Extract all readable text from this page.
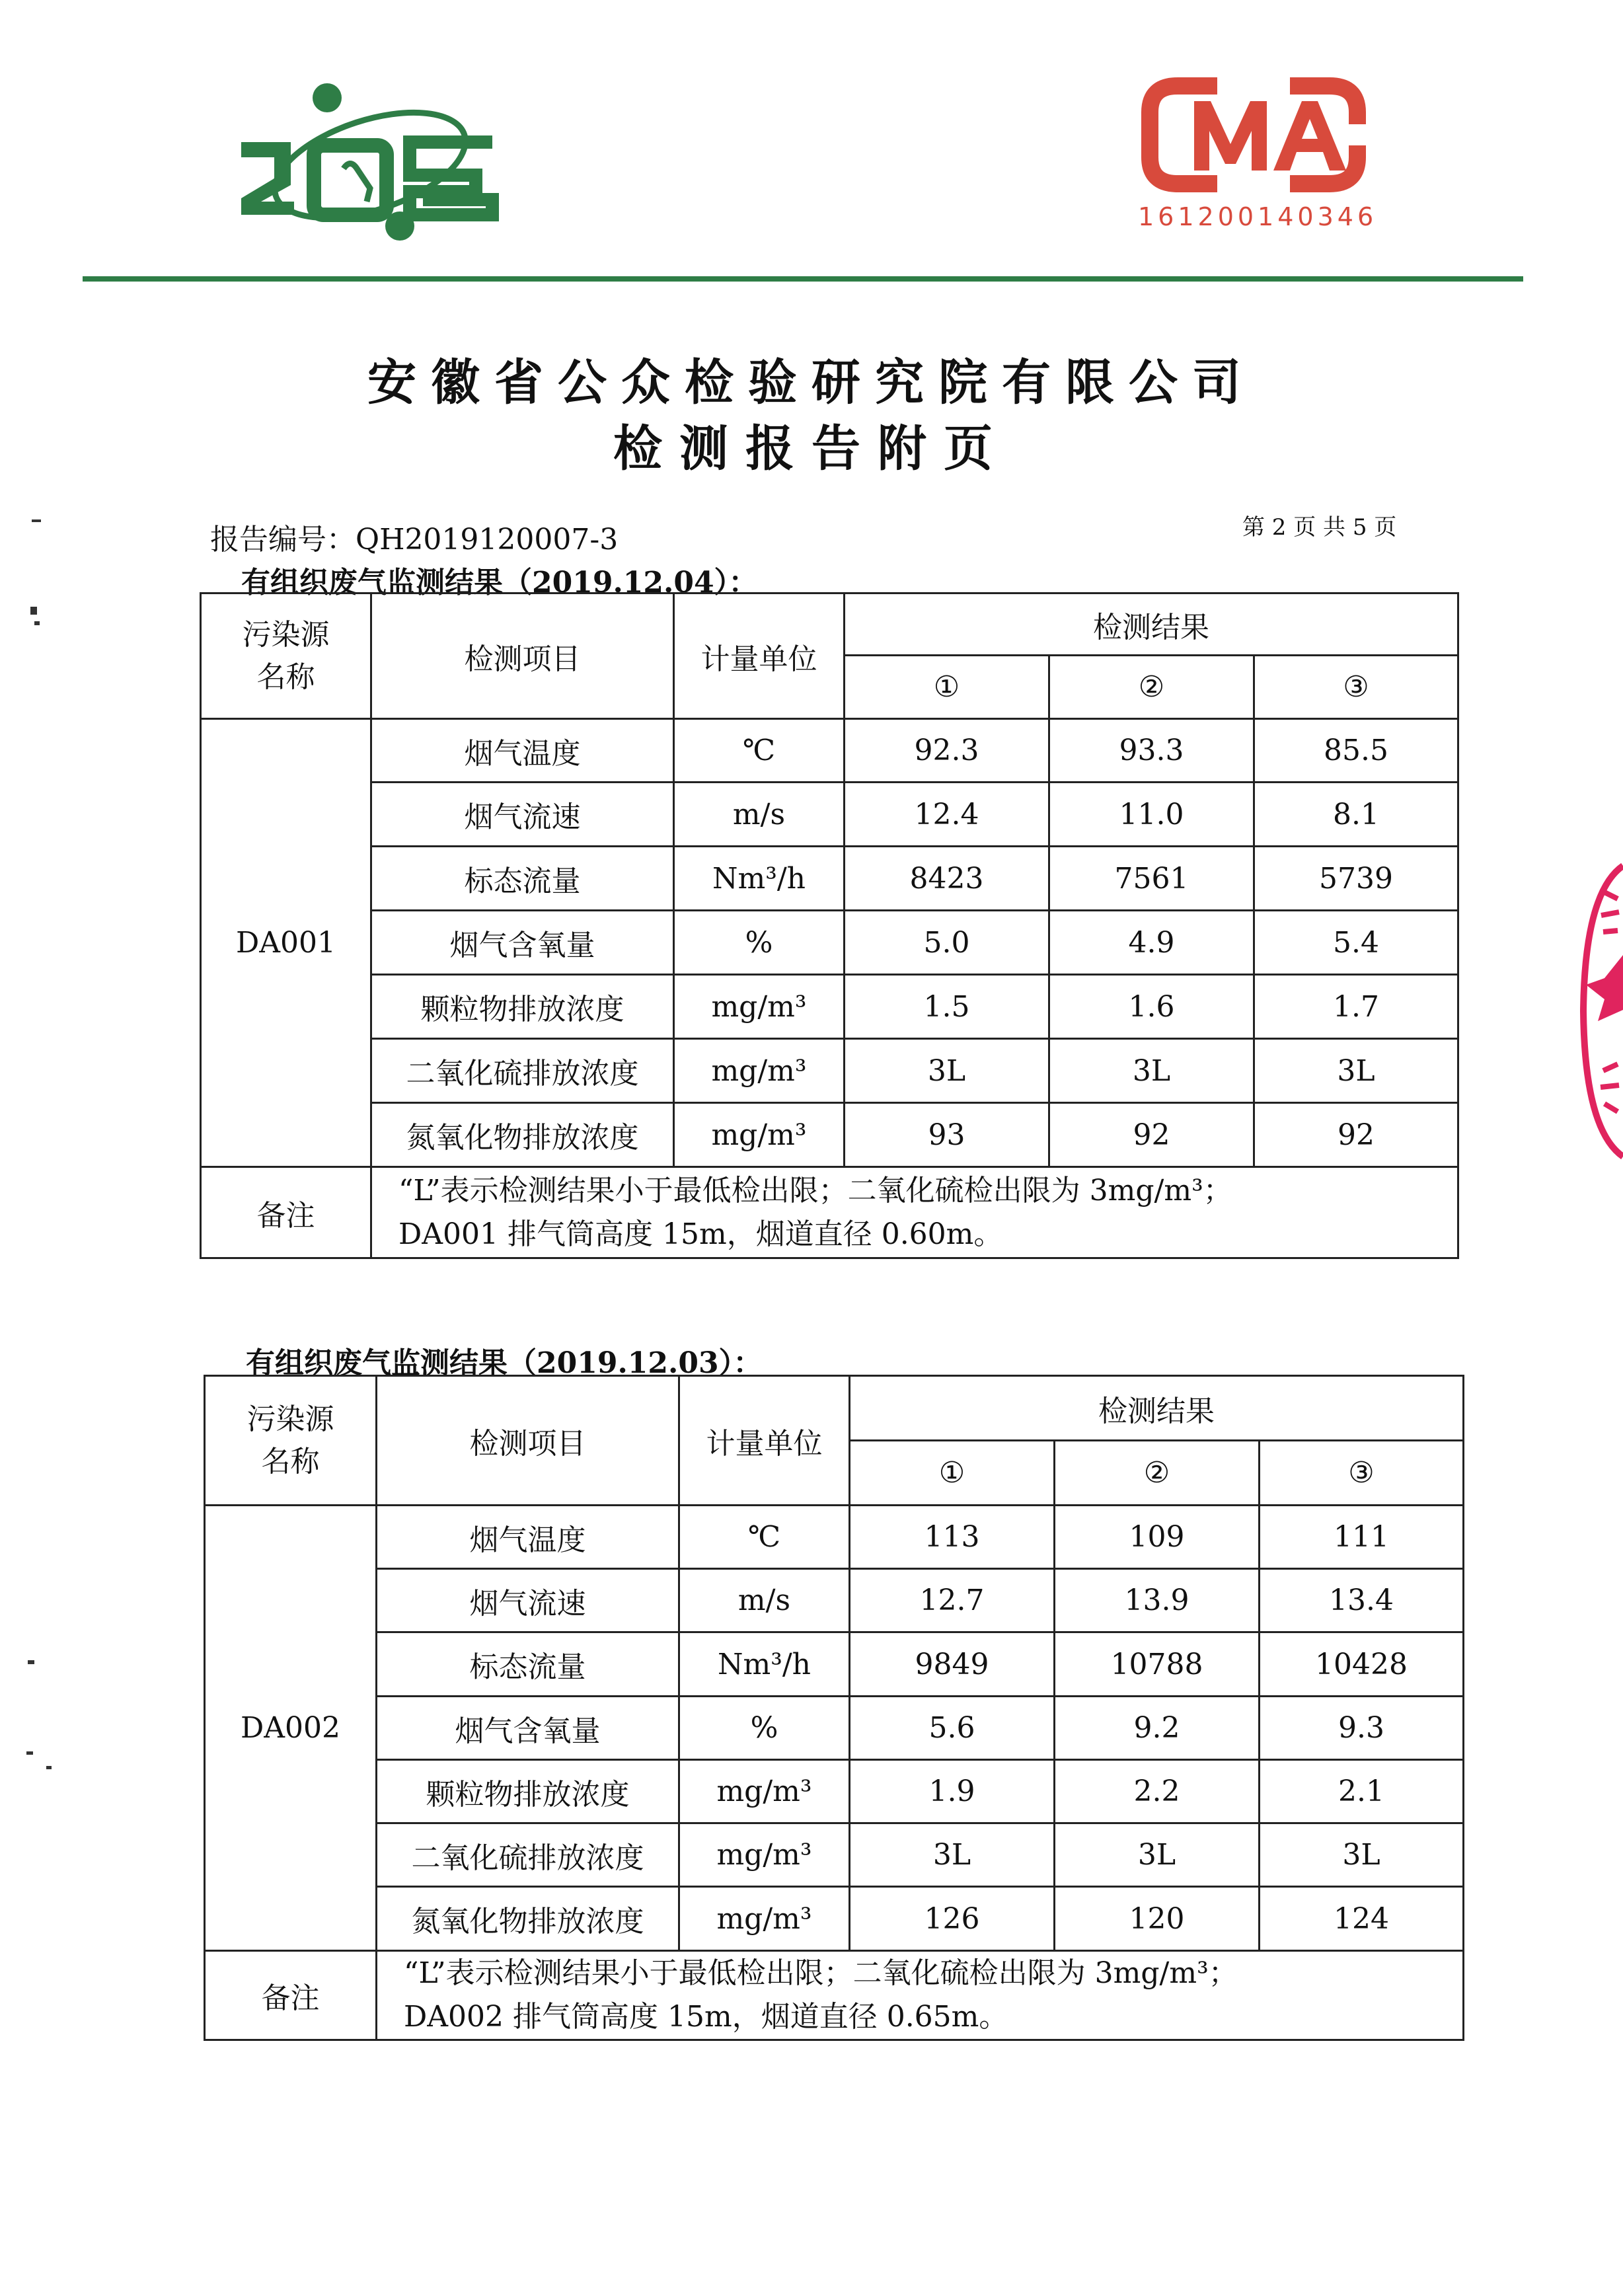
ZQS
CMA
161200140346
安徽省公众检验研究院有限公司
检测报告附页
报告编号：QH2019120007-3	第 2 页 共 5 页
有组织废气监测结果（2019.12.04）：
污染源
名称	检测项目	计量单位	检测结果		
			①	②	③
DA001	烟气温度	℃	92.3	93.3	85.5
	烟气流速	m/s	12.4	11.0	8.1
	标态流量	Nm³/h	8423	7561	5739
	烟气含氧量	%	5.0	4.9	5.4
	颗粒物排放浓度	mg/m³	1.5	1.6	1.7
	二氧化硫排放浓度	mg/m³	3L	3L	3L
	氮氧化物排放浓度	mg/m³	93	92	92
备注	“L”表示检测结果小于最低检出限；二氧化硫检出限为 3mg/m³；
DA001 排气筒高度 15m，烟道直径 0.60m。				
有组织废气监测结果（2019.12.03）：
污染源
名称	检测项目	计量单位	检测结果		
			①	②	③
DA002	烟气温度	℃	113	109	111
	烟气流速	m/s	12.7	13.9	13.4
	标态流量	Nm³/h	9849	10788	10428
	烟气含氧量	%	5.6	9.2	9.3
	颗粒物排放浓度	mg/m³	1.9	2.2	2.1
	二氧化硫排放浓度	mg/m³	3L	3L	3L
	氮氧化物排放浓度	mg/m³	126	120	124
备注	“L”表示检测结果小于最低检出限；二氧化硫检出限为 3mg/m³；
DA002 排气筒高度 15m，烟道直径 0.65m。				
